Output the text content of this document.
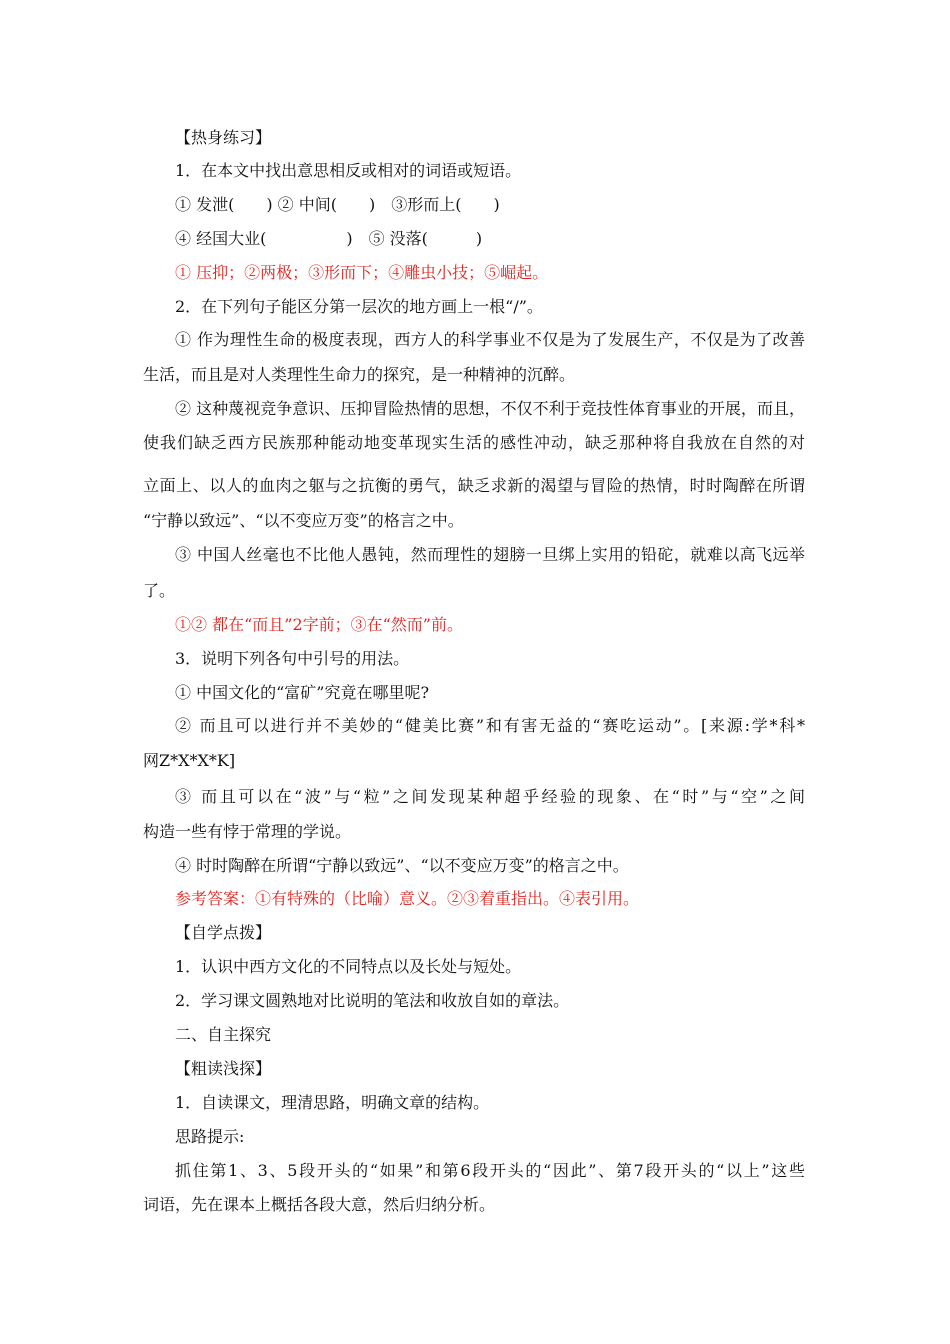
【热身练习】
1．在本文中找出意思相反或相对的词语或短语。
① 发泄(　　) ② 中间(　　)　③形而上(　　)
④ 经国大业(　　　　　)　⑤ 没落(　　　)
① 压抑；②两极；③形而下；④雕虫小技；⑤崛起。
2．在下列句子能区分第一层次的地方画上一根“/”。
① 作为理性生命的极度表现，西方人的科学事业不仅是为了发展生产，不仅是为了改善
生活，而且是对人类理性生命力的探究，是一种精神的沉醉。
② 这种蔑视竞争意识、压抑冒险热情的思想，不仅不利于竞技性体育事业的开展，而且，
使我们缺乏西方民族那种能动地变革现实生活的感性冲动，缺乏那种将自我放在自然的对
立面上、以人的血肉之躯与之抗衡的勇气，缺乏求新的渴望与冒险的热情，时时陶醉在所谓
“宁静以致远”、“以不变应万变”的格言之中。
③ 中国人丝毫也不比他人愚钝，然而理性的翅膀一旦绑上实用的铅砣，就难以高飞远举
了。
①② 都在“而且”2字前；③在“然而”前。
3．说明下列各句中引号的用法。
① 中国文化的“富矿”究竟在哪里呢?
② 而且可以进行并不美妙的“健美比赛”和有害无益的“赛吃运动”。[来源:学*科*
网Z*X*X*K]
③ 而且可以在“波”与“粒”之间发现某种超乎经验的现象、在“时”与“空”之间
构造一些有悖于常理的学说。
④ 时时陶醉在所谓“宁静以致远”、“以不变应万变”的格言之中。
参考答案：①有特殊的（比喻）意义。②③着重指出。④表引用。
【自学点拨】
1．认识中西方文化的不同特点以及长处与短处。
2．学习课文圆熟地对比说明的笔法和收放自如的章法。
二、自主探究
【粗读浅探】
1．自读课文，理清思路，明确文章的结构。
思路提示:
抓住第1、3、5段开头的“如果”和第6段开头的“因此”、第7段开头的“以上”这些
词语，先在课本上概括各段大意，然后归纳分析。
